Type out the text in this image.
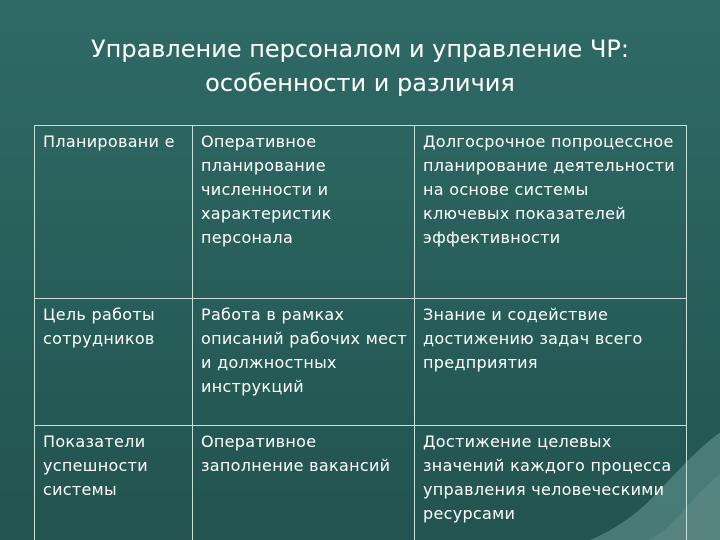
Управление персоналом и управление ЧР:
особенности и различия
Планировани е	Оперативное планирование численности и характеристик персонала	Долгосрочное попроцессное планирование деятельности на основе системы ключевых показателей эффективности
Цель работы сотрудников	Работа в рамках описаний рабочих мест и должностных инструкций	Знание и содействие достижению задач всего предприятия
Показатели успешности системы	Оперативное заполнение вакансий	Достижение целевых значений каждого процесса управления человеческими ресурсами
